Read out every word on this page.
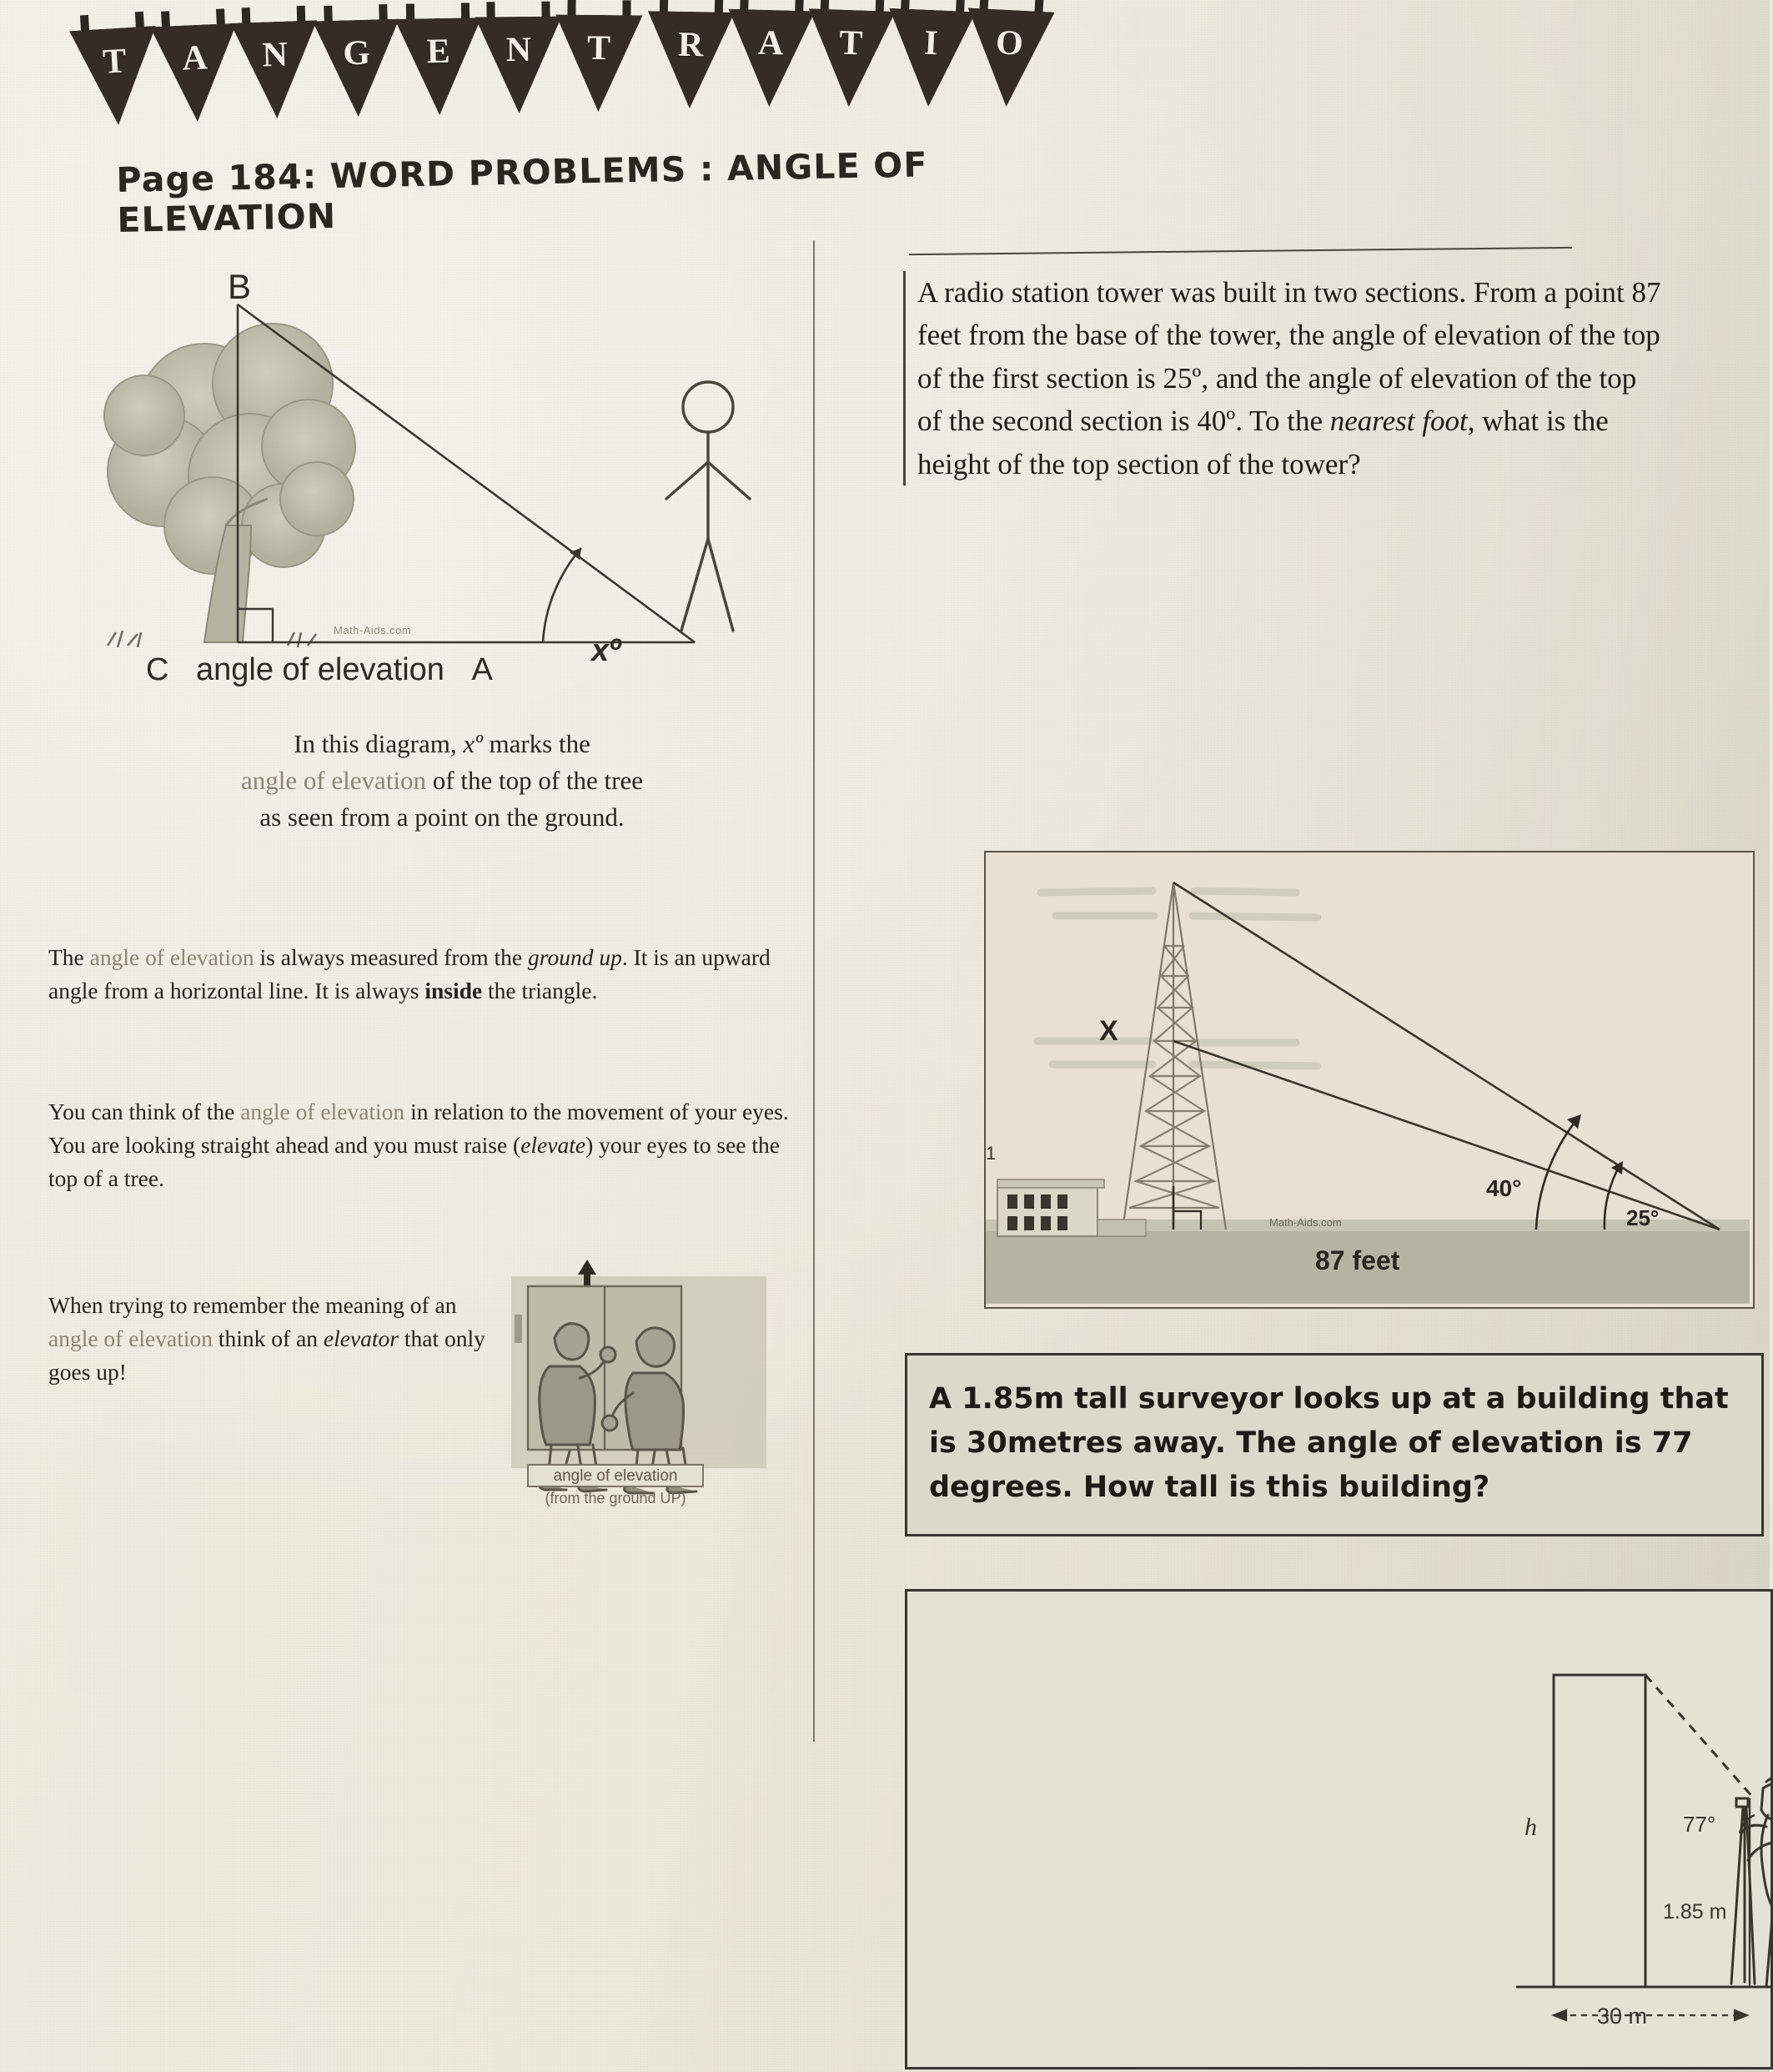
T	A	N	G	E	N	T	R	A	T	I	O
Page 184: WORD PROBLEMS : ANGLE OF ELEVATION
Math-Aids.com
B
xº
C angle of elevation A
In this diagram, xº marks the
angle of elevation of the top of the tree
as seen from a point on the ground.
The angle of elevation is always measured from the ground up. It is an upward angle from a horizontal line. It is always inside the triangle.
You can think of the angle of elevation in relation to the movement of your eyes. You are looking straight ahead and you must raise (elevate) your eyes to see the top of a tree.
When trying to remember the meaning of an angle of elevation think of an elevator that only goes up!
angle of elevation
(from the ground UP)
A radio station tower was built in two sections. From a point 87 feet from the base of the tower, the angle of elevation of the top of the first section is 25º, and the angle of elevation of the top of the second section is 40º. To the nearest foot, what is the height of the top section of the tower?
X
40°
25°
87 feet
Math-Aids.com
.
1
A 1.85m tall surveyor looks up at a building that is 30metres away. The angle of elevation is 77 degrees. How tall is this building?
h	77°
1.85 m
30 m
